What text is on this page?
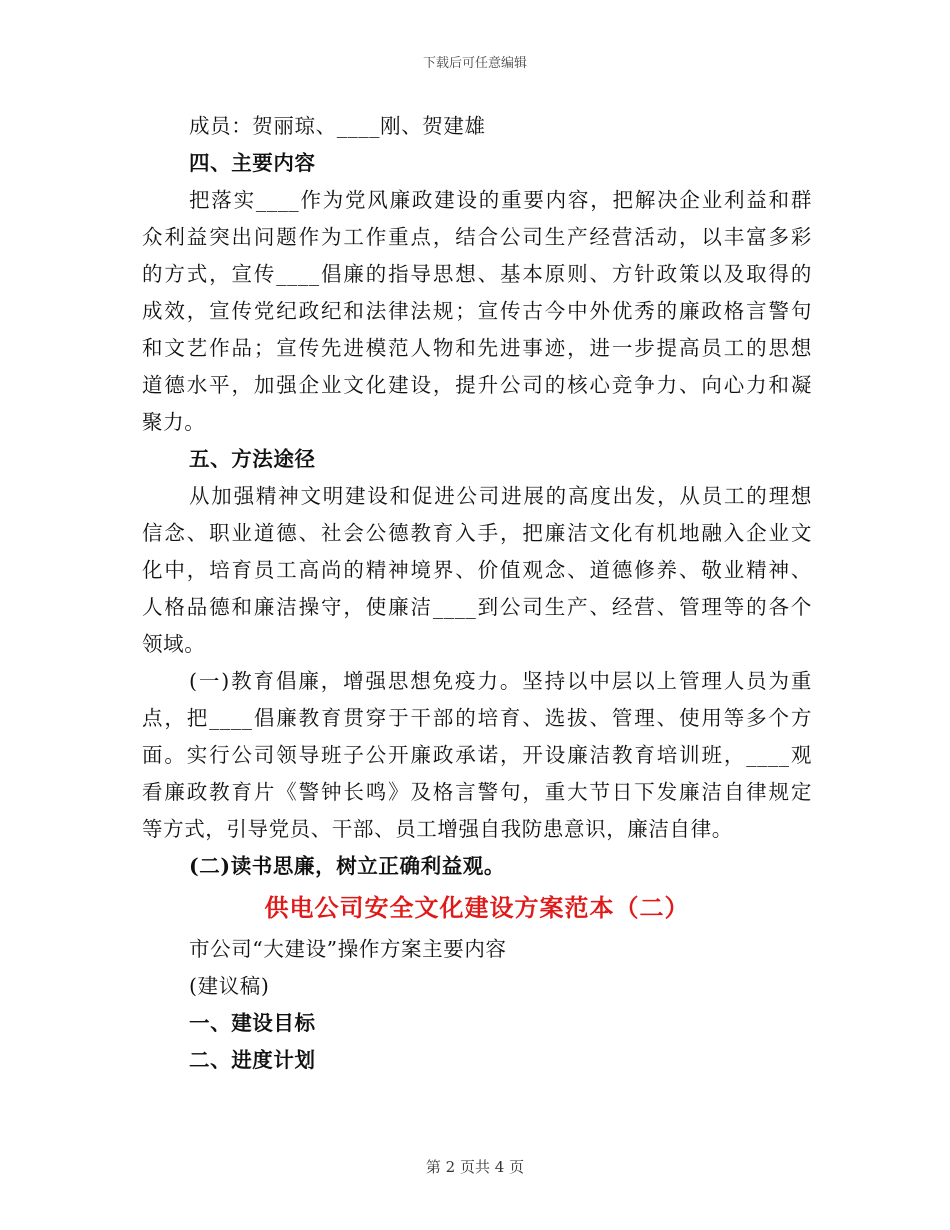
下载后可任意编辑
成员：贺丽琼、____刚、贺建雄
四、主要内容
把落实____作为党风廉政建设的重要内容，把解决企业利益和群
众利益突出问题作为工作重点，结合公司生产经营活动，以丰富多彩
的方式，宣传____倡廉的指导思想、基本原则、方针政策以及取得的
成效，宣传党纪政纪和法律法规；宣传古今中外优秀的廉政格言警句
和文艺作品；宣传先进模范人物和先进事迹，进一步提高员工的思想
道德水平，加强企业文化建设，提升公司的核心竞争力、向心力和凝
聚力。
五、方法途径
从加强精神文明建设和促进公司进展的高度出发，从员工的理想
信念、职业道德、社会公德教育入手，把廉洁文化有机地融入企业文
化中，培育员工高尚的精神境界、价值观念、道德修养、敬业精神、
人格品德和廉洁操守，使廉洁____到公司生产、经营、管理等的各个
领域。
(一)教育倡廉，增强思想免疫力。坚持以中层以上管理人员为重
点，把____倡廉教育贯穿于干部的培育、选拔、管理、使用等多个方
面。实行公司领导班子公开廉政承诺，开设廉洁教育培训班，____观
看廉政教育片《警钟长鸣》及格言警句，重大节日下发廉洁自律规定
等方式，引导党员、干部、员工增强自我防患意识，廉洁自律。
(二)读书思廉，树立正确利益观。
供电公司安全文化建设方案范本（二）
市公司“大建设”操作方案主要内容
(建议稿)
一、建设目标
二、进度计划
第 2 页共 4 页
